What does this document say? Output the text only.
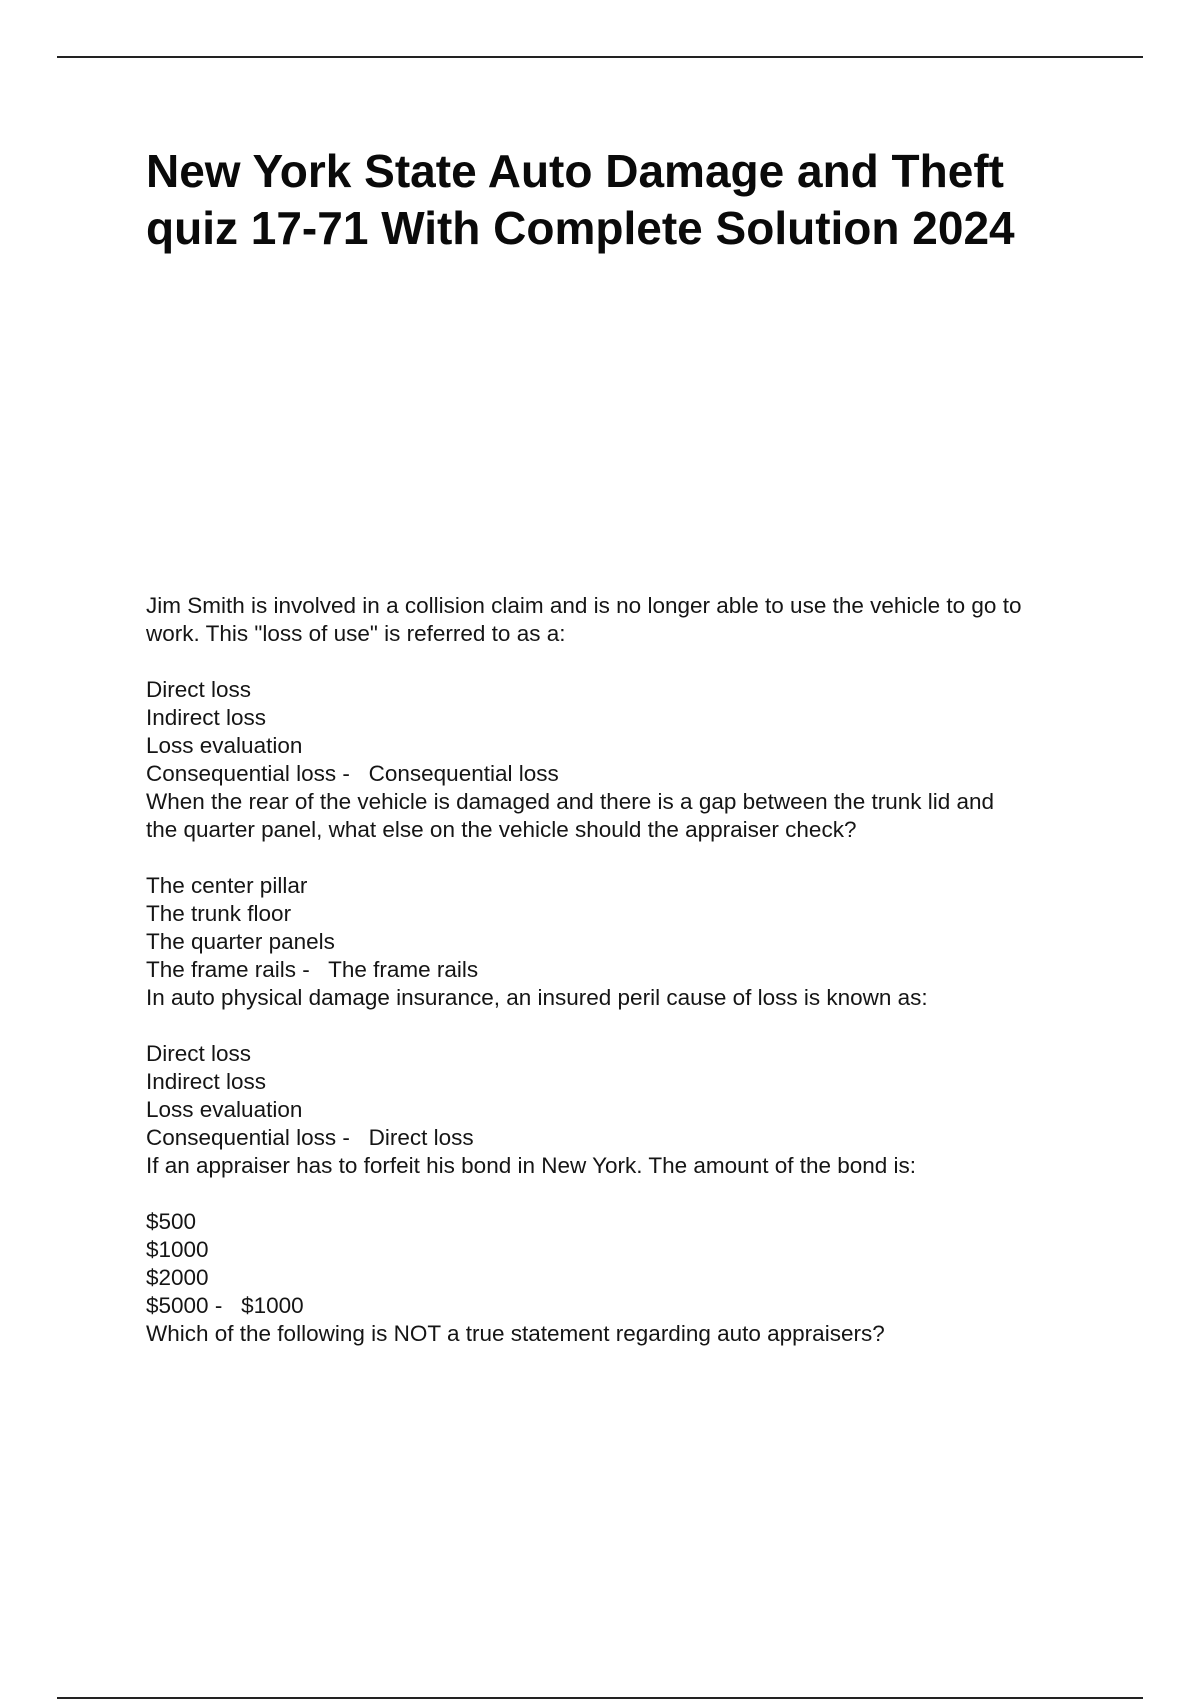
New York State Auto Damage and Theft
quiz 17-71 With Complete Solution 2024
Jim Smith is involved in a collision claim and is no longer able to use the vehicle to go to
work. This "loss of use" is referred to as a:
Direct loss
Indirect loss
Loss evaluation
Consequential loss -   Consequential loss
When the rear of the vehicle is damaged and there is a gap between the trunk lid and
the quarter panel, what else on the vehicle should the appraiser check?
The center pillar
The trunk floor
The quarter panels
The frame rails -   The frame rails
In auto physical damage insurance, an insured peril cause of loss is known as:
Direct loss
Indirect loss
Loss evaluation
Consequential loss -   Direct loss
If an appraiser has to forfeit his bond in New York. The amount of the bond is:
$500
$1000
$2000
$5000 -   $1000
Which of the following is NOT a true statement regarding auto appraisers?
